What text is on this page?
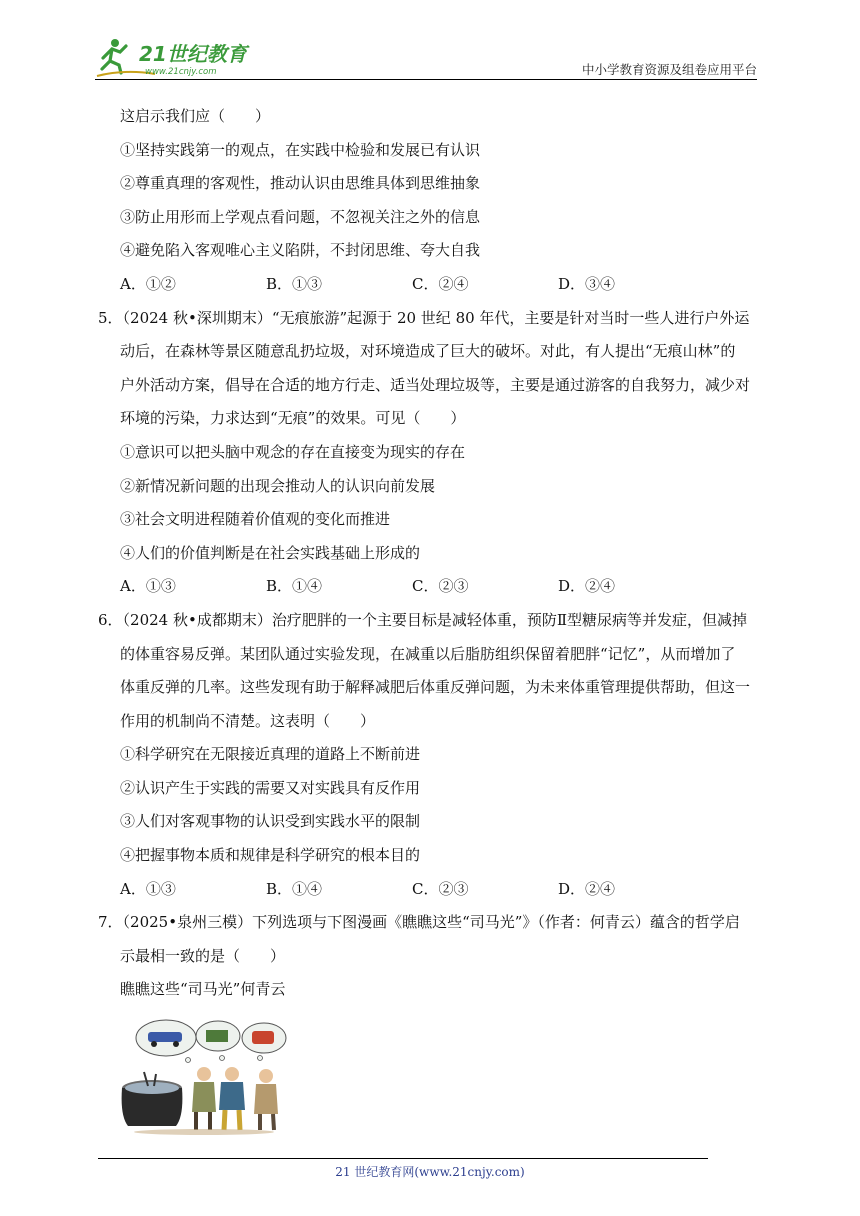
21世纪教育
www.21cnjy.com	中小学教育资源及组卷应用平台
这启示我们应（　　）
①坚持实践第一的观点，在实践中检验和发展已有认识
②尊重真理的客观性，推动认识由思维具体到思维抽象
③防止用形而上学观点看问题，不忽视关注之外的信息
④避免陷入客观唯心主义陷阱，不封闭思维、夸大自我
A．①②	B．①③	C．②④	D．③④
5．（2024 秋•深圳期末）“无痕旅游”起源于 20 世纪 80 年代，主要是针对当时一些人进行户外运
动后，在森林等景区随意乱扔垃圾，对环境造成了巨大的破坏。对此，有人提出“无痕山林”的
户外活动方案，倡导在合适的地方行走、适当处理垃圾等，主要是通过游客的自我努力，减少对
环境的污染，力求达到“无痕”的效果。可见（　　）
①意识可以把头脑中观念的存在直接变为现实的存在
②新情况新问题的出现会推动人的认识向前发展
③社会文明进程随着价值观的变化而推进
④人们的价值判断是在社会实践基础上形成的
A．①③	B．①④	C．②③	D．②④
6．（2024 秋•成都期末）治疗肥胖的一个主要目标是减轻体重，预防Ⅱ型糖尿病等并发症，但减掉
的体重容易反弹。某团队通过实验发现，在减重以后脂肪组织保留着肥胖“记忆”，从而增加了
体重反弹的几率。这些发现有助于解释减肥后体重反弹问题，为未来体重管理提供帮助，但这一
作用的机制尚不清楚。这表明（　　）
①科学研究在无限接近真理的道路上不断前进
②认识产生于实践的需要又对实践具有反作用
③人们对客观事物的认识受到实践水平的限制
④把握事物本质和规律是科学研究的根本目的
A．①③	B．①④	C．②③	D．②④
7．（2025•泉州三模）下列选项与下图漫画《瞧瞧这些“司马光”》（作者：何青云）蕴含的哲学启
示最相一致的是（　　）
瞧瞧这些“司马光”何青云
21 世纪教育网(www.21cnjy.com)
